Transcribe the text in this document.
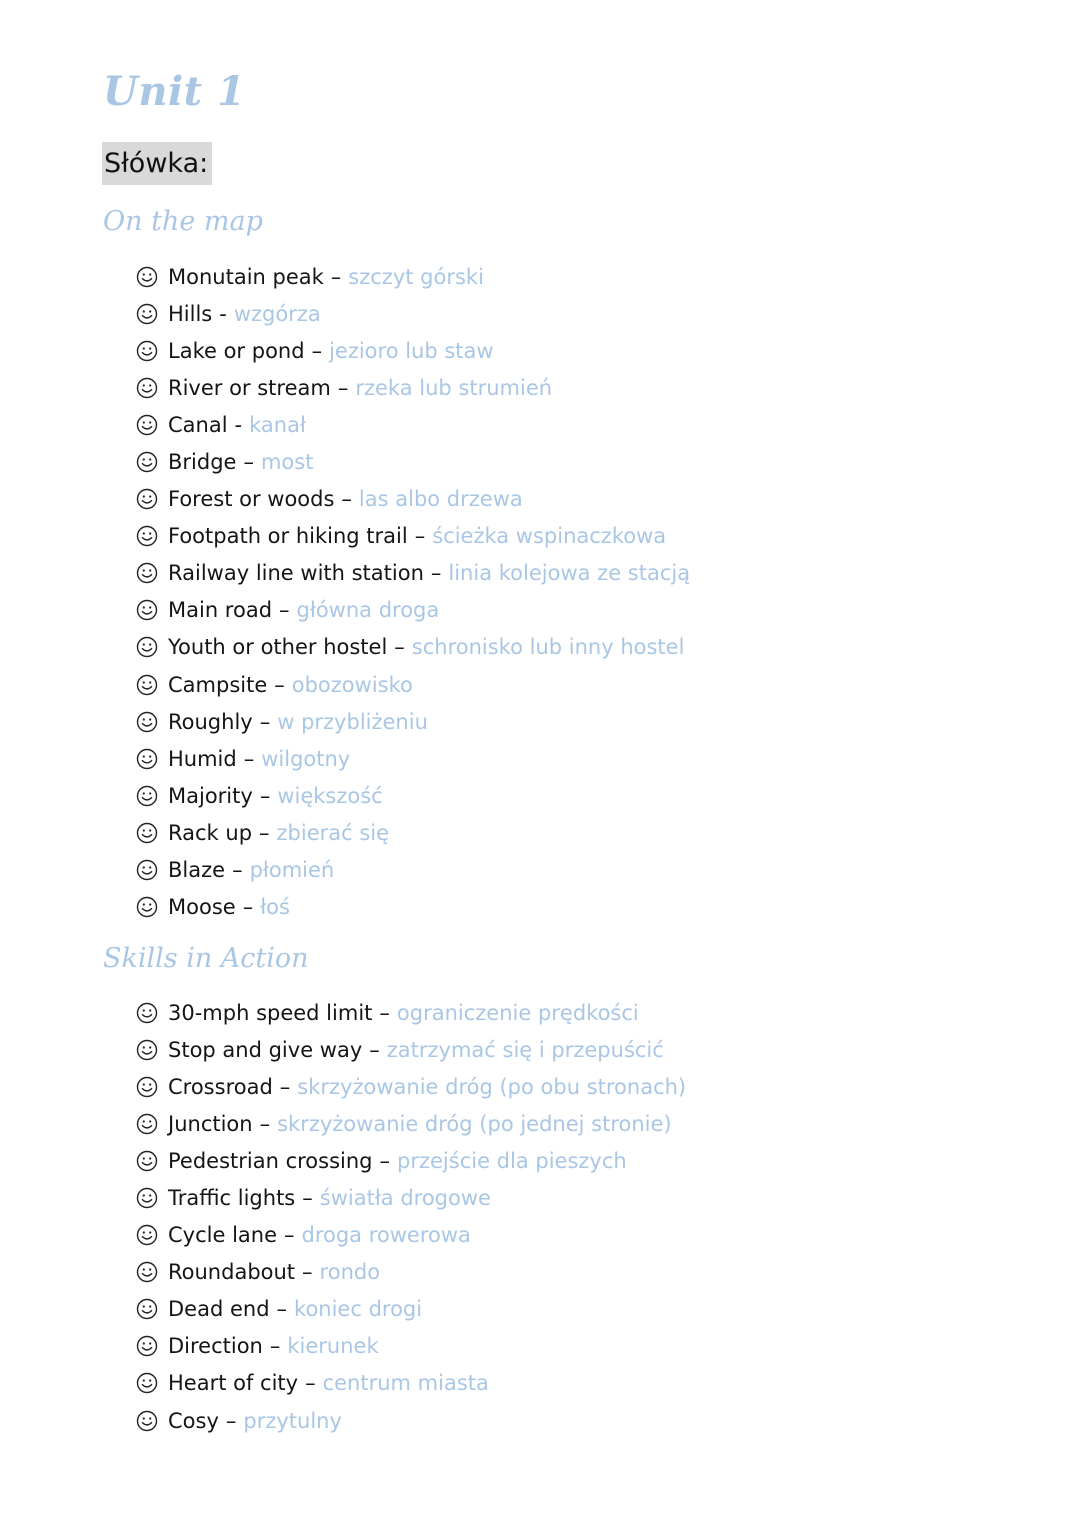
Unit 1
Słówka:
On the map
Monutain peak – szczyt górski
Hills - wzgórza
Lake or pond – jezioro lub staw
River or stream – rzeka lub strumień
Canal - kanał
Bridge – most
Forest or woods – las albo drzewa
Footpath or hiking trail – ścieżka wspinaczkowa
Railway line with station – linia kolejowa ze stacją
Main road – główna droga
Youth or other hostel – schronisko lub inny hostel
Campsite – obozowisko
Roughly – w przybliżeniu
Humid – wilgotny
Majority – większość
Rack up – zbierać się
Blaze – płomień
Moose – łoś
Skills in Action
30-mph speed limit – ograniczenie prędkości
Stop and give way – zatrzymać się i przepuścić
Crossroad – skrzyżowanie dróg (po obu stronach)
Junction – skrzyżowanie dróg (po jednej stronie)
Pedestrian crossing – przejście dla pieszych
Traffic lights – światła drogowe
Cycle lane – droga rowerowa
Roundabout – rondo
Dead end – koniec drogi
Direction – kierunek
Heart of city – centrum miasta
Cosy – przytulny
